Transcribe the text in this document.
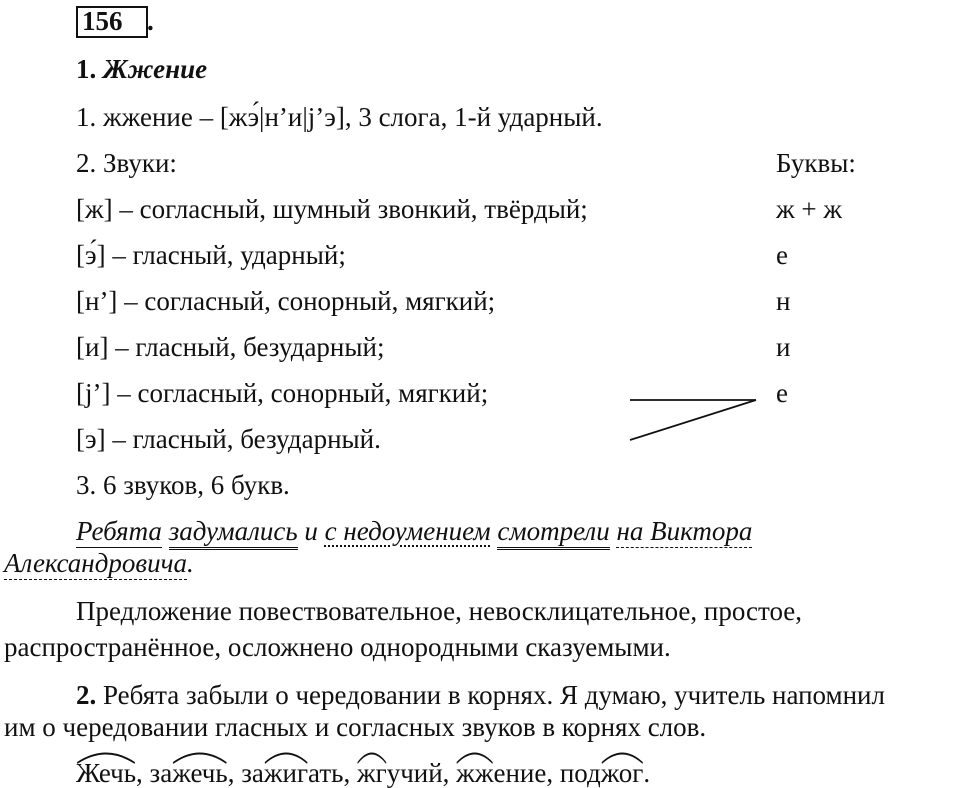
156 .
1. Жжение
1. жжение – [жэ́|н’и|j’э], 3 слога, 1-й ударный.
2. Звуки:	Буквы:
[ж] – согласный, шумный звонкий, твёрдый;	ж + ж
[э́] – гласный, ударный;	е
[н’] – согласный, сонорный, мягкий;	н
[и] – гласный, безударный;	и
[j’] – согласный, сонорный, мягкий;	е
[э] – гласный, безударный.
3. 6 звуков, 6 букв.
Ребята задумались и с недоумением смотрели на Виктора
Александровича.
Предложение повествовательное, невосклицательное, простое,
распространённое, осложнено однородными сказуемыми.
2. Ребята забыли о чередовании в корнях. Я думаю, учитель напомнил
им о чередовании гласных и согласных звуков в корнях слов.
Жечь, за
жечь, за
жигать, жгучий, жжение, под
жог.
